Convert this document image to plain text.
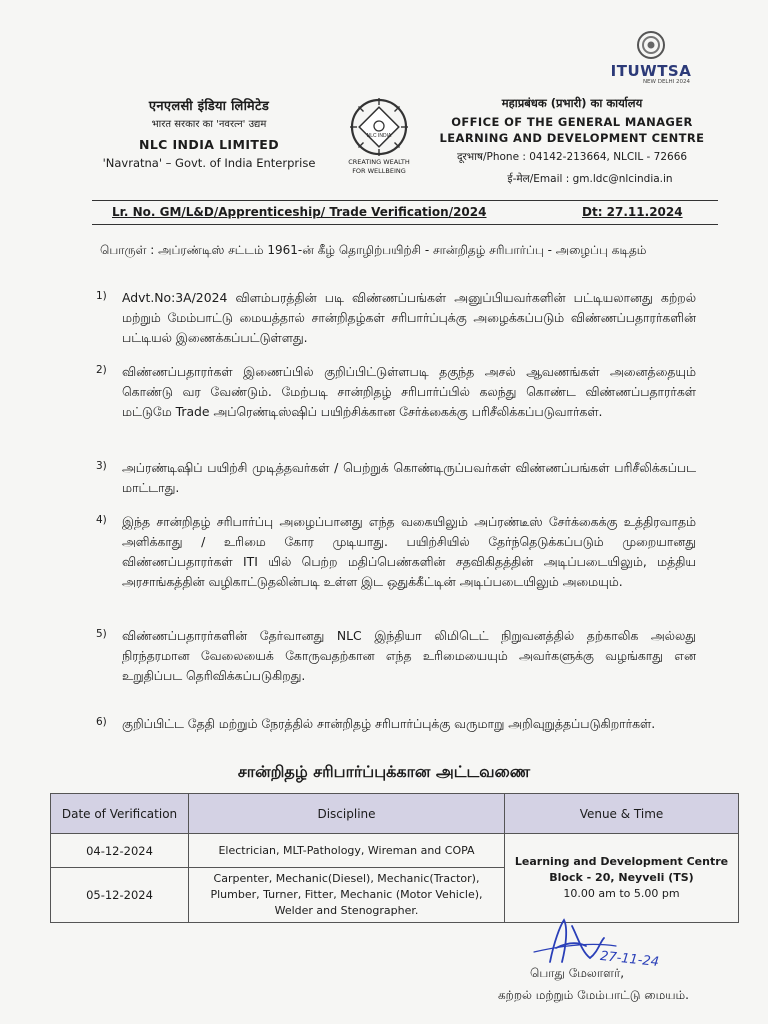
ITUWTSA
NEW DELHI 2024
एनएलसी इंडिया लिमिटेड
भारत सरकार का 'नवरत्न' उद्यम
NLC INDIA LIMITED
'Navratna' – Govt. of India Enterprise
NLC INDIA
CREATING WEALTH
FOR WELLBEING
महाप्रबंधक (प्रभारी) का कार्यालय
OFFICE OF THE GENERAL MANAGER
LEARNING AND DEVELOPMENT CENTRE
दूरभाष/Phone : 04142-213664, NLCIL - 72666
ई-मेल/Email : gm.ldc@nlcindia.in
Lr. No. GM/L&D/Apprenticeship/ Trade Verification/2024	Dt: 27.11.2024
பொருள் : அப்ரண்டிஸ் சட்டம் 1961-ன் கீழ் தொழிற்பயிற்சி - சான்றிதழ் சரிபார்ப்பு - அழைப்பு கடிதம்
1)	Advt.No:3A/2024 விளம்பரத்தின் படி விண்ணப்பங்கள் அனுப்பியவர்களின் பட்டியலானது கற்றல் மற்றும் மேம்பாட்டு மையத்தால் சான்றிதழ்கள் சரிபார்ப்புக்கு அழைக்கப்படும் விண்ணப்பதாரர்களின் பட்டியல் இணைக்கப்பட்டுள்ளது.
2)	விண்ணப்பதாரர்கள் இணைப்பில் குறிப்பிட்டுள்ளபடி தகுந்த அசல் ஆவணங்கள் அனைத்தையும் கொண்டு வர வேண்டும். மேற்படி சான்றிதழ் சரிபார்ப்பில் கலந்து கொண்ட விண்ணப்பதாரர்கள் மட்டுமே Trade அப்ரெண்டிஸ்ஷிப் பயிற்சிக்கான சேர்க்கைக்கு பரிசீலிக்கப்படுவார்கள்.
3)	அப்ரண்டிஷிப் பயிற்சி முடித்தவர்கள் / பெற்றுக் கொண்டிருப்பவர்கள் விண்ணப்பங்கள் பரிசீலிக்கப்பட மாட்டாது.
4)	இந்த சான்றிதழ் சரிபார்ப்பு அழைப்பானது எந்த வகையிலும் அப்ரண்டீஸ் சேர்க்கைக்கு உத்திரவாதம் அளிக்காது / உரிமை கோர முடியாது. பயிற்சியில் தேர்ந்தெடுக்கப்படும் முறையானது விண்ணப்பதாரர்கள் ITI யில் பெற்ற மதிப்பெண்களின் சதவிகிதத்தின் அடிப்படையிலும், மத்திய அரசாங்கத்தின் வழிகாட்டுதலின்படி உள்ள இட ஒதுக்கீட்டின் அடிப்படையிலும் அமையும்.
5)	விண்ணப்பதாரர்களின் தேர்வானது NLC இந்தியா லிமிடெட் நிறுவனத்தில் தற்காலிக அல்லது நிரந்தரமான வேலையைக் கோருவதற்கான எந்த உரிமையையும் அவர்களுக்கு வழங்காது என உறுதிப்பட தெரிவிக்கப்படுகிறது.
6)	குறிப்பிட்ட தேதி மற்றும் நேரத்தில் சான்றிதழ் சரிபார்ப்புக்கு வருமாறு அறிவுறுத்தப்படுகிறார்கள்.
சான்றிதழ் சரிபார்ப்புக்கான அட்டவணை
Date of Verification	Discipline	Venue & Time
04-12-2024	Electrician, MLT-Pathology, Wireman and COPA	Learning and Development Centre
Block - 20, Neyveli (TS)
10.00 am to 5.00 pm

05-12-2024	Carpenter, Mechanic(Diesel), Mechanic(Tractor), Plumber, Turner, Fitter, Mechanic (Motor Vehicle), Welder and Stenographer.	
27-11-24
பொது மேலாளர்,
கற்றல் மற்றும் மேம்பாட்டு மையம்.
